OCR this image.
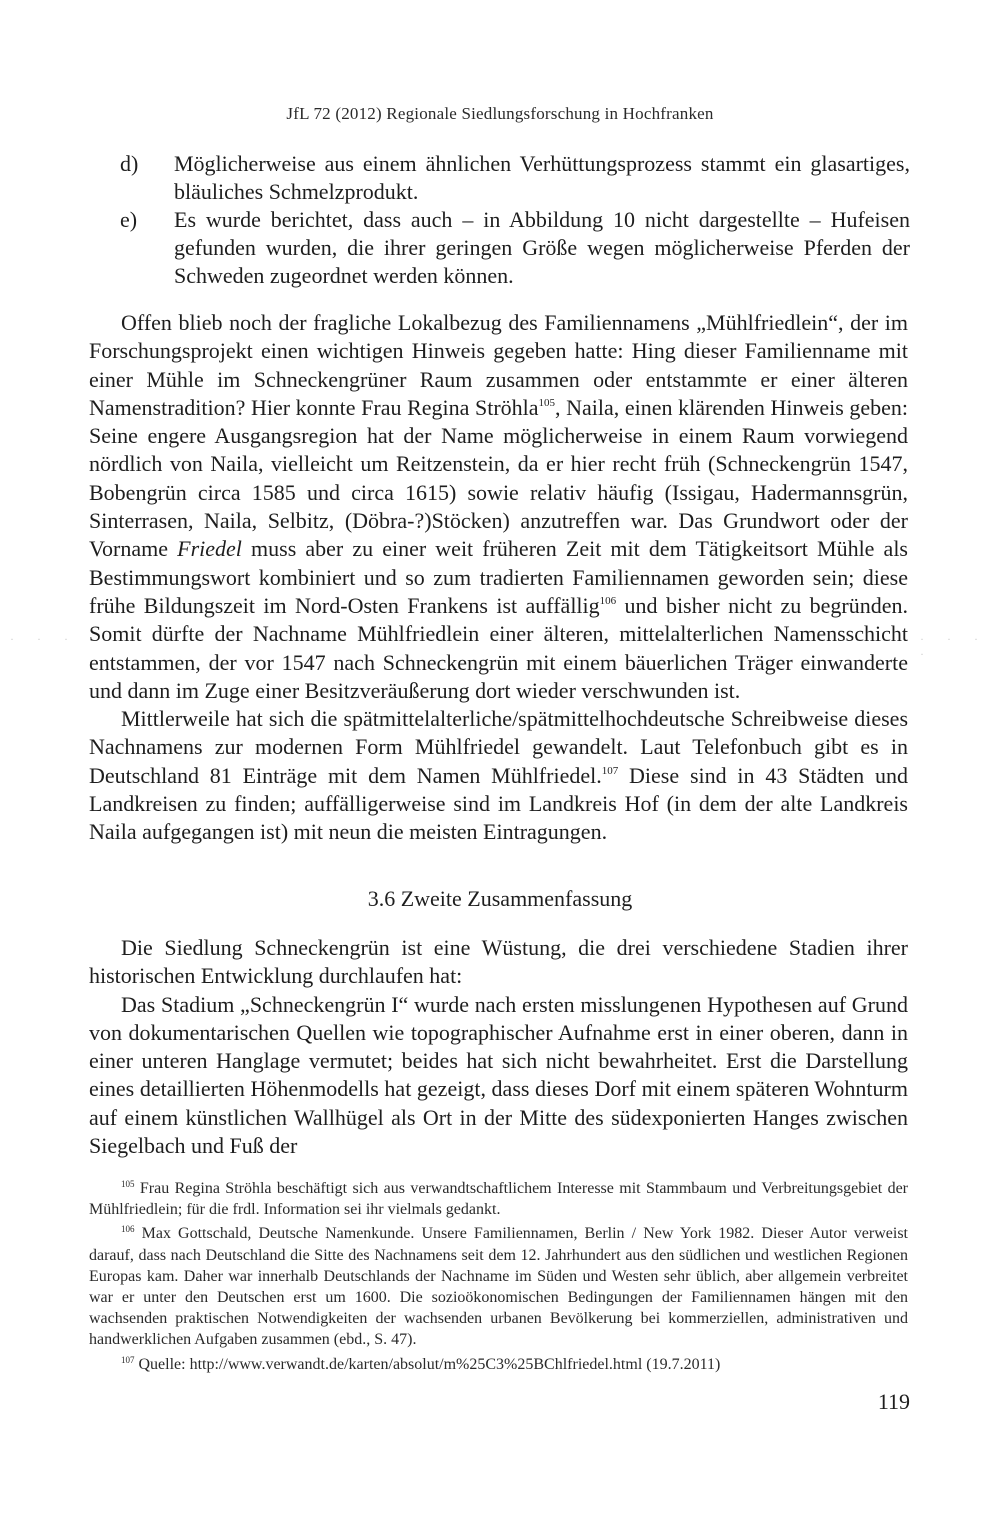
JfL 72 (2012) Regionale Siedlungsforschung in Hochfranken
d) Möglicherweise aus einem ähnlichen Verhüttungsprozess stammt ein glasartiges, bläuliches Schmelzprodukt.
e) Es wurde berichtet, dass auch – in Abbildung 10 nicht dargestellte – Hufeisen gefunden wurden, die ihrer geringen Größe wegen möglicherweise Pferden der Schweden zugeordnet werden können.

Offen blieb noch der fragliche Lokalbezug des Familiennamens „Mühlfriedlein“, der im Forschungsprojekt einen wichtigen Hinweis gegeben hatte: Hing dieser Familienname mit einer Mühle im Schneckengrüner Raum zusammen oder entstammte er einer älteren Namenstradition? Hier konnte Frau Regina Ströhla$^{105}$, Naila, einen klärenden Hinweis geben: Seine engere Ausgangsregion hat der Name möglicherweise in einem Raum vorwiegend nördlich von Naila, vielleicht um Reitzenstein, da er hier recht früh (Schneckengrün 1547, Bobengrün circa 1585 und circa 1615) sowie relativ häufig (Issigau, Hadermannsgrün, Sinterrasen, Naila, Selbitz, (Döbra-?)Stöcken) anzutreffen war. Das Grundwort oder der Vorname Friedel muss aber zu einer weit früheren Zeit mit dem Tätigkeitsort Mühle als Bestimmungswort kombiniert und so zum tradierten Familiennamen geworden sein; diese frühe Bildungszeit im Nord-Osten Frankens ist auffällig$^{106}$ und bisher nicht zu begründen. Somit dürfte der Nachname Mühlfriedlein einer älteren, mittelalterlichen Namensschicht entstammen, der vor 1547 nach Schneckengrün mit einem bäuerlichen Träger einwanderte und dann im Zuge einer Besitzveräußerung dort wieder verschwunden ist.

Mittlerweile hat sich die spätmittelalterliche/spätmittelhochdeutsche Schreibweise dieses Nachnamens zur modernen Form Mühlfriedel gewandelt. Laut Telefonbuch gibt es in Deutschland 81 Einträge mit dem Namen Mühlfriedel.$^{107}$ Diese sind in 43 Städten und Landkreisen zu finden; auffälligerweise sind im Landkreis Hof (in dem der alte Landkreis Naila aufgegangen ist) mit neun die meisten Eintragungen.

3.6 Zweite Zusammenfassung

Die Siedlung Schneckengrün ist eine Wüstung, die drei verschiedene Stadien ihrer historischen Entwicklung durchlaufen hat:

Das Stadium „Schneckengrün I“ wurde nach ersten misslungenen Hypothesen auf Grund von dokumentarischen Quellen wie topographischer Aufnahme erst in einer oberen, dann in einer unteren Hanglage vermutet; beides hat sich nicht bewahrheitet. Erst die Darstellung eines detaillierten Höhenmodells hat gezeigt, dass dieses Dorf mit einem späteren Wohnturm auf einem künstlichen Wallhügel als Ort in der Mitte des südexponierten Hanges zwischen Siegelbach und Fuß der

$^{105}$ Frau Regina Ströhla beschäftigt sich aus verwandtschaftlichem Interesse mit Stammbaum und Verbreitungsgebiet der Mühlfriedlein; für die frdl. Information sei ihr vielmals gedankt.

$^{106}$ Max Gottschald, Deutsche Namenkunde. Unsere Familiennamen, Berlin / New York 1982. Dieser Autor verweist darauf, dass nach Deutschland die Sitte des Nachnamens seit dem 12. Jahrhundert aus den südlichen und westlichen Regionen Europas kam. Daher war innerhalb Deutschlands der Nachname im Süden und Westen sehr üblich, aber allgemein verbreitet war er unter den Deutschen erst um 1600. Die sozioökonomischen Bedingungen der Familiennamen hängen mit den wachsenden praktischen Notwendigkeiten der wachsenden urbanen Bevölkerung bei kommerziellen, administrativen und handwerklichen Aufgaben zusammen (ebd., S. 47).

$^{107}$ Quelle: http://www.verwandt.de/karten/absolut/m%25C3%25BChlfriedel.html (19.7.2011)

119
· · ·	· · · ·
